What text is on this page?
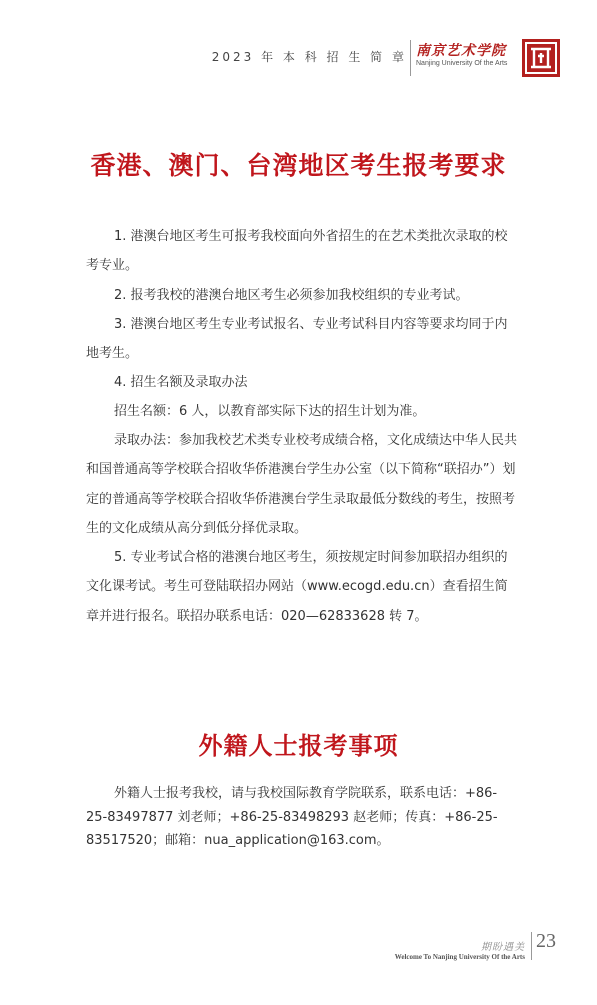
2023 年 本 科 招 生 简 章 南京艺术学院
Nanjing University Of the Arts
香港、澳门、台湾地区考生报考要求

1. 港澳台地区考生可报考我校面向外省招生的在艺术类批次录取的校考专业。

2. 报考我校的港澳台地区考生必须参加我校组织的专业考试。

3. 港澳台地区考生专业考试报名、专业考试科目内容等要求均同于内地考生。

4. 招生名额及录取办法

招生名额：6 人，以教育部实际下达的招生计划为准。

录取办法：参加我校艺术类专业校考成绩合格，文化成绩达中华人民共和国普通高等学校联合招收华侨港澳台学生办公室（以下简称“联招办”）划定的普通高等学校联合招收华侨港澳台学生录取最低分数线的考生，按照考生的文化成绩从高分到低分择优录取。

5. 专业考试合格的港澳台地区考生，须按规定时间参加联招办组织的文化课考试。考生可登陆联招办网站（www.ecogd.edu.cn）查看招生简章并进行报名。联招办联系电话：020—62833628 转 7。

外籍人士报考事项

外籍人士报考我校，请与我校国际教育学院联系，联系电话：+86-25-83497877 刘老师；+86-25-83498293 赵老师；传真：+86-25-83517520；邮箱：nua_application@163.com。

期盼遇美
Welcome To Nanjing University Of the Arts
23
